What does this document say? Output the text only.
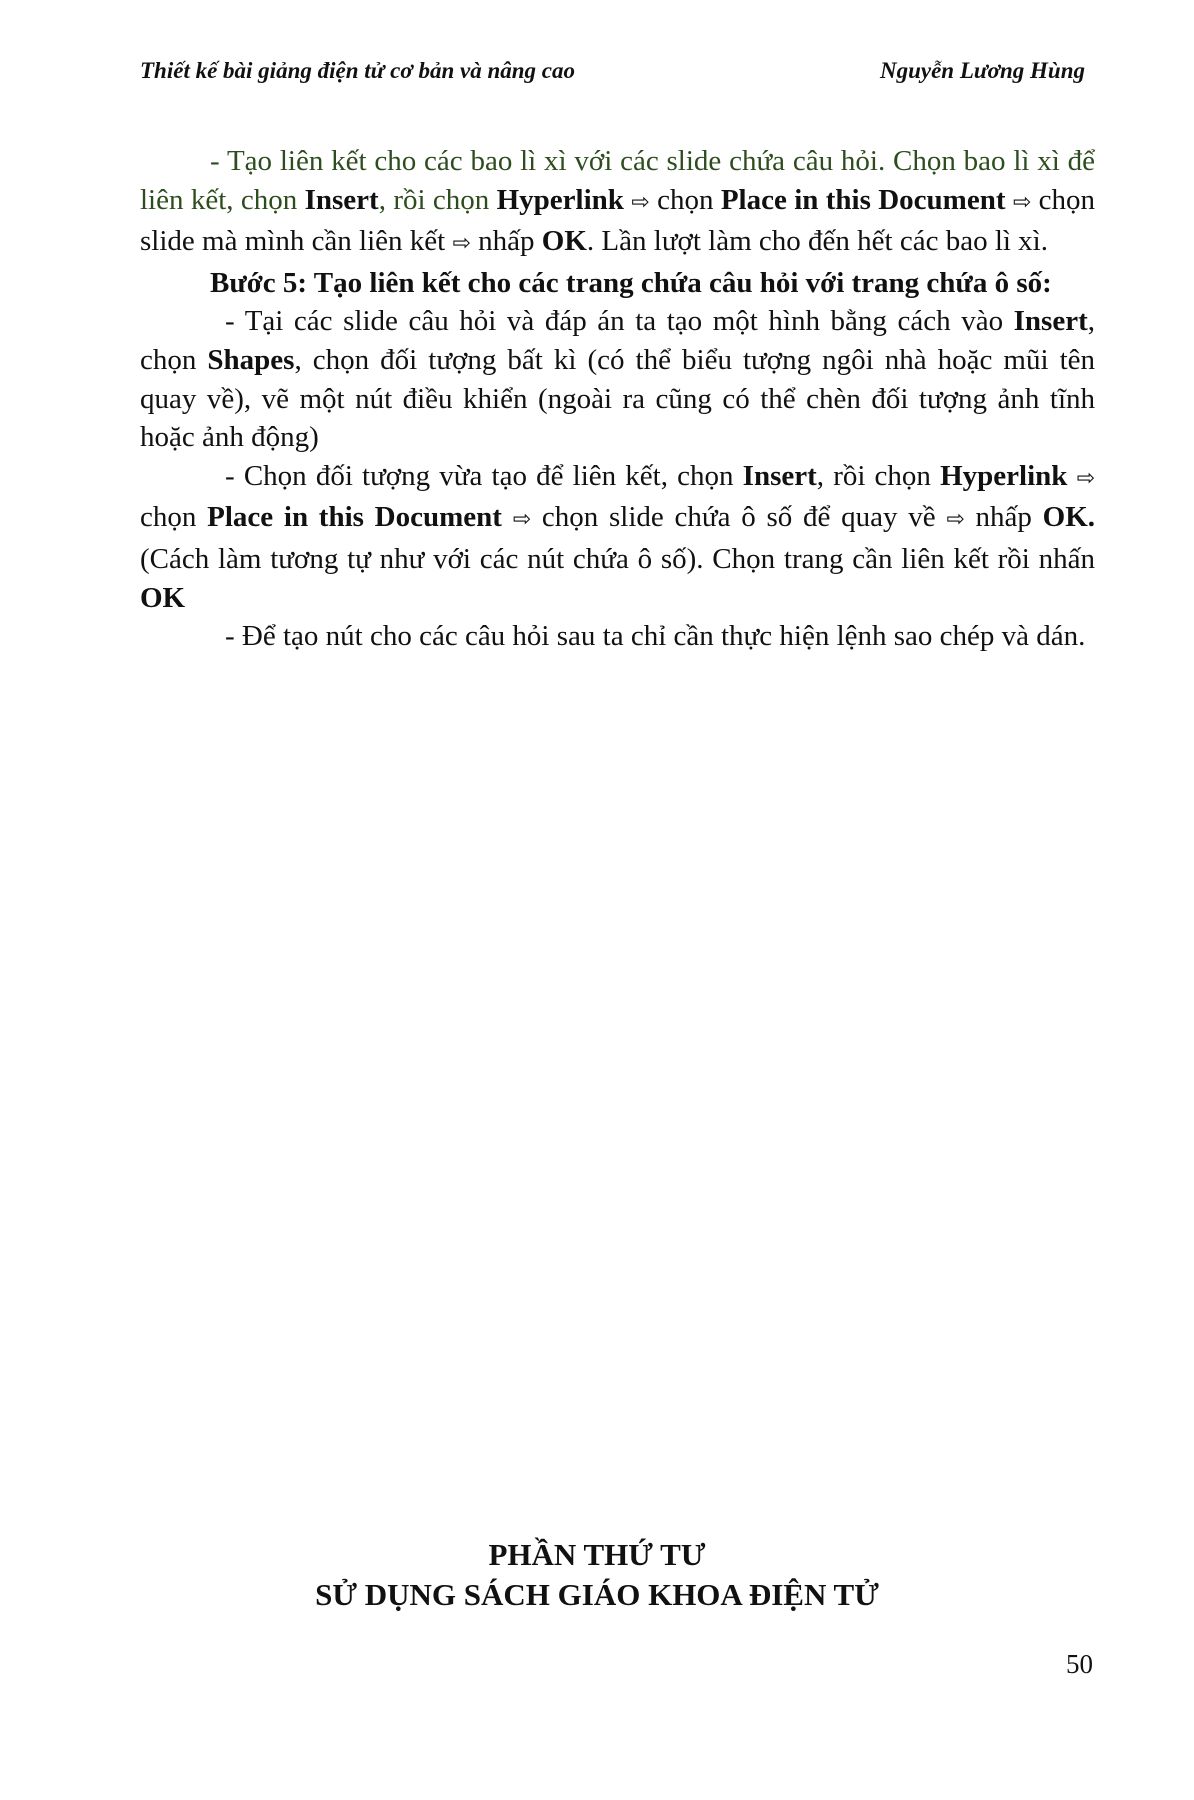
Thiết kế bài giảng điện tử cơ bản và nâng cao	Nguyễn Lương Hùng

- Tạo liên kết cho các bao lì xì với các slide chứa câu hỏi. Chọn bao lì xì để liên kết, chọn Insert, rồi chọn Hyperlink ⇨ chọn Place in this Document ⇨ chọn slide mà mình cần liên kết ⇨ nhấp OK. Lần lượt làm cho đến hết các bao lì xì.

Bước 5: Tạo liên kết cho các trang chứa câu hỏi với trang chứa ô số:

- Tại các slide câu hỏi và đáp án ta tạo một hình bằng cách vào Insert, chọn Shapes, chọn đối tượng bất kì (có thể biểu tượng ngôi nhà hoặc mũi tên quay về), vẽ một nút điều khiển (ngoài ra cũng có thể chèn đối tượng ảnh tĩnh hoặc ảnh động)

- Chọn đối tượng vừa tạo để liên kết, chọn Insert, rồi chọn Hyperlink ⇨ chọn Place in this Document ⇨ chọn slide chứa ô số để quay về ⇨ nhấp OK. (Cách làm tương tự như với các nút chứa ô số). Chọn trang cần liên kết rồi nhấn OK

- Để tạo nút cho các câu hỏi sau ta chỉ cần thực hiện lệnh sao chép và dán.

PHẦN THỨ TƯ
SỬ DỤNG SÁCH GIÁO KHOA ĐIỆN TỬ
50
